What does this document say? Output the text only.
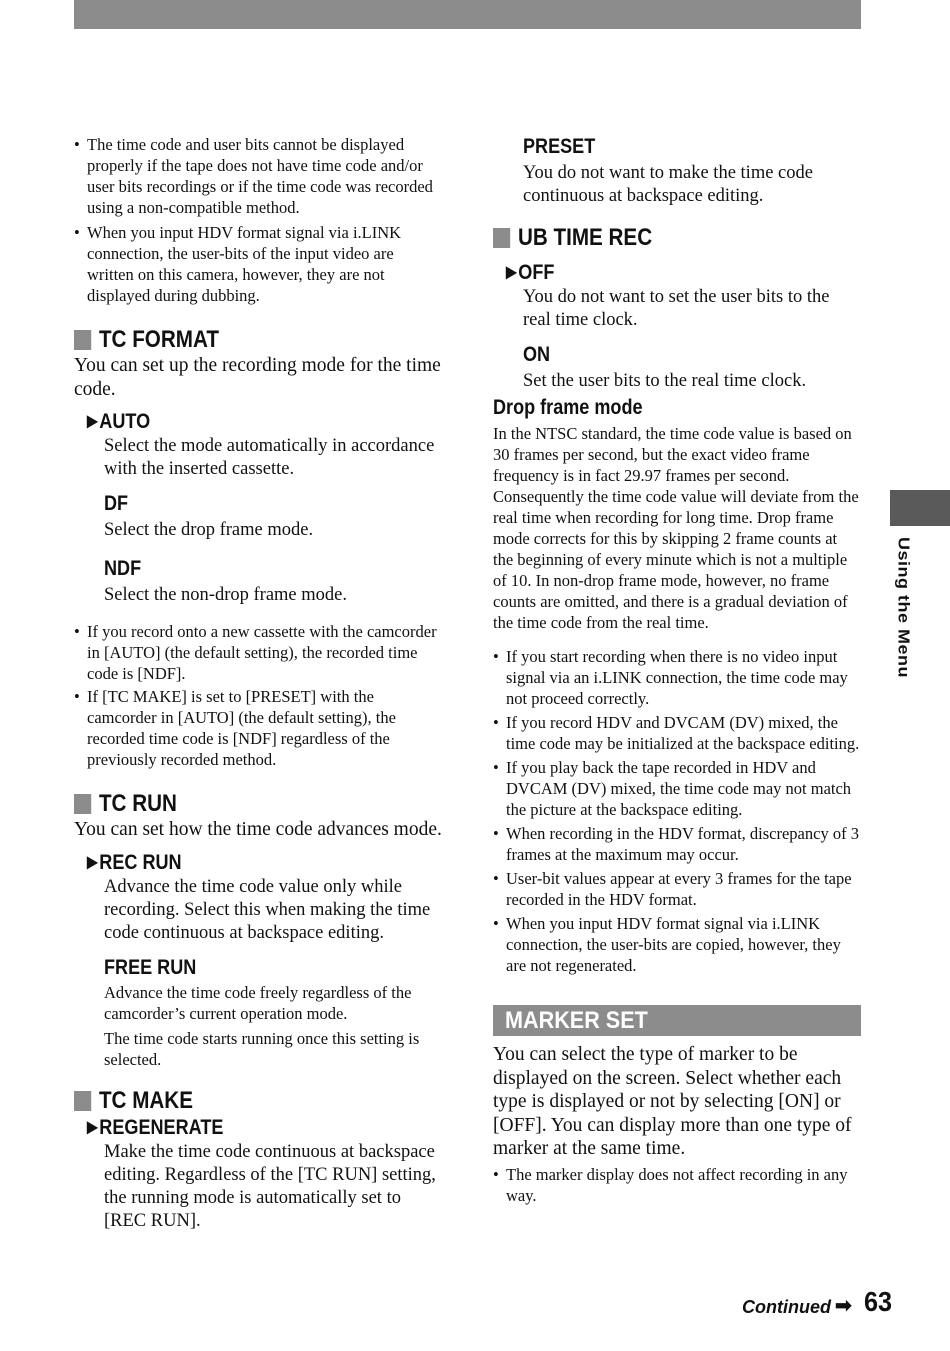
Using the Menu

• The time code and user bits cannot be displayed properly if the tape does not have time code and/or user bits recordings or if the time code was recorded using a non-compatible method.

• When you input HDV format signal via i.LINK connection, the user-bits of the input video are written on this camera, however, they are not displayed during dubbing.

TC FORMAT
You can set up the recording mode for the time code.
▶ AUTO
Select the mode automatically in accordance with the inserted cassette.
DF
Select the drop frame mode.
NDF
Select the non-drop frame mode.

• If you record onto a new cassette with the camcorder in [AUTO] (the default setting), the recorded time code is [NDF].

• If [TC MAKE] is set to [PRESET] with the camcorder in [AUTO] (the default setting), the recorded time code is [NDF] regardless of the previously recorded method.

TC RUN
You can set how the time code advances mode.
▶ REC RUN
Advance the time code value only while recording. Select this when making the time code continuous at backspace editing.
FREE RUN
Advance the time code freely regardless of the camcorder’s current operation mode.
The time code starts running once this setting is selected.
TC MAKE
▶ REGENERATE
Make the time code continuous at backspace editing. Regardless of the [TC RUN] setting, the running mode is automatically set to [REC RUN].
PRESET
You do not want to make the time code continuous at backspace editing.
UB TIME REC
▶ OFF
You do not want to set the user bits to the real time clock.
ON
Set the user bits to the real time clock.
Drop frame mode
In the NTSC standard, the time code value is based on 30 frames per second, but the exact video frame frequency is in fact 29.97 frames per second. Consequently the time code value will deviate from the real time when recording for long time. Drop frame mode corrects for this by skipping 2 frame counts at the beginning of every minute which is not a multiple of 10. In non-drop frame mode, however, no frame counts are omitted, and there is a gradual deviation of the time code from the real time.

• If you start recording when there is no video input signal via an i.LINK connection, the time code may not proceed correctly.

• If you record HDV and DVCAM (DV) mixed, the time code may be initialized at the backspace editing.

• If you play back the tape recorded in HDV and DVCAM (DV) mixed, the time code may not match the picture at the backspace editing.

• When recording in the HDV format, discrepancy of 3 frames at the maximum may occur.

• User-bit values appear at every 3 frames for the tape recorded in the HDV format.

• When you input HDV format signal via i.LINK connection, the user-bits are copied, however, they are not regenerated.

MARKER SET
You can select the type of marker to be displayed on the screen. Select whether each type is displayed or not by selecting [ON] or [OFF]. You can display more than one type of marker at the same time.

• The marker display does not affect recording in any way.

Continued ➡ 63
